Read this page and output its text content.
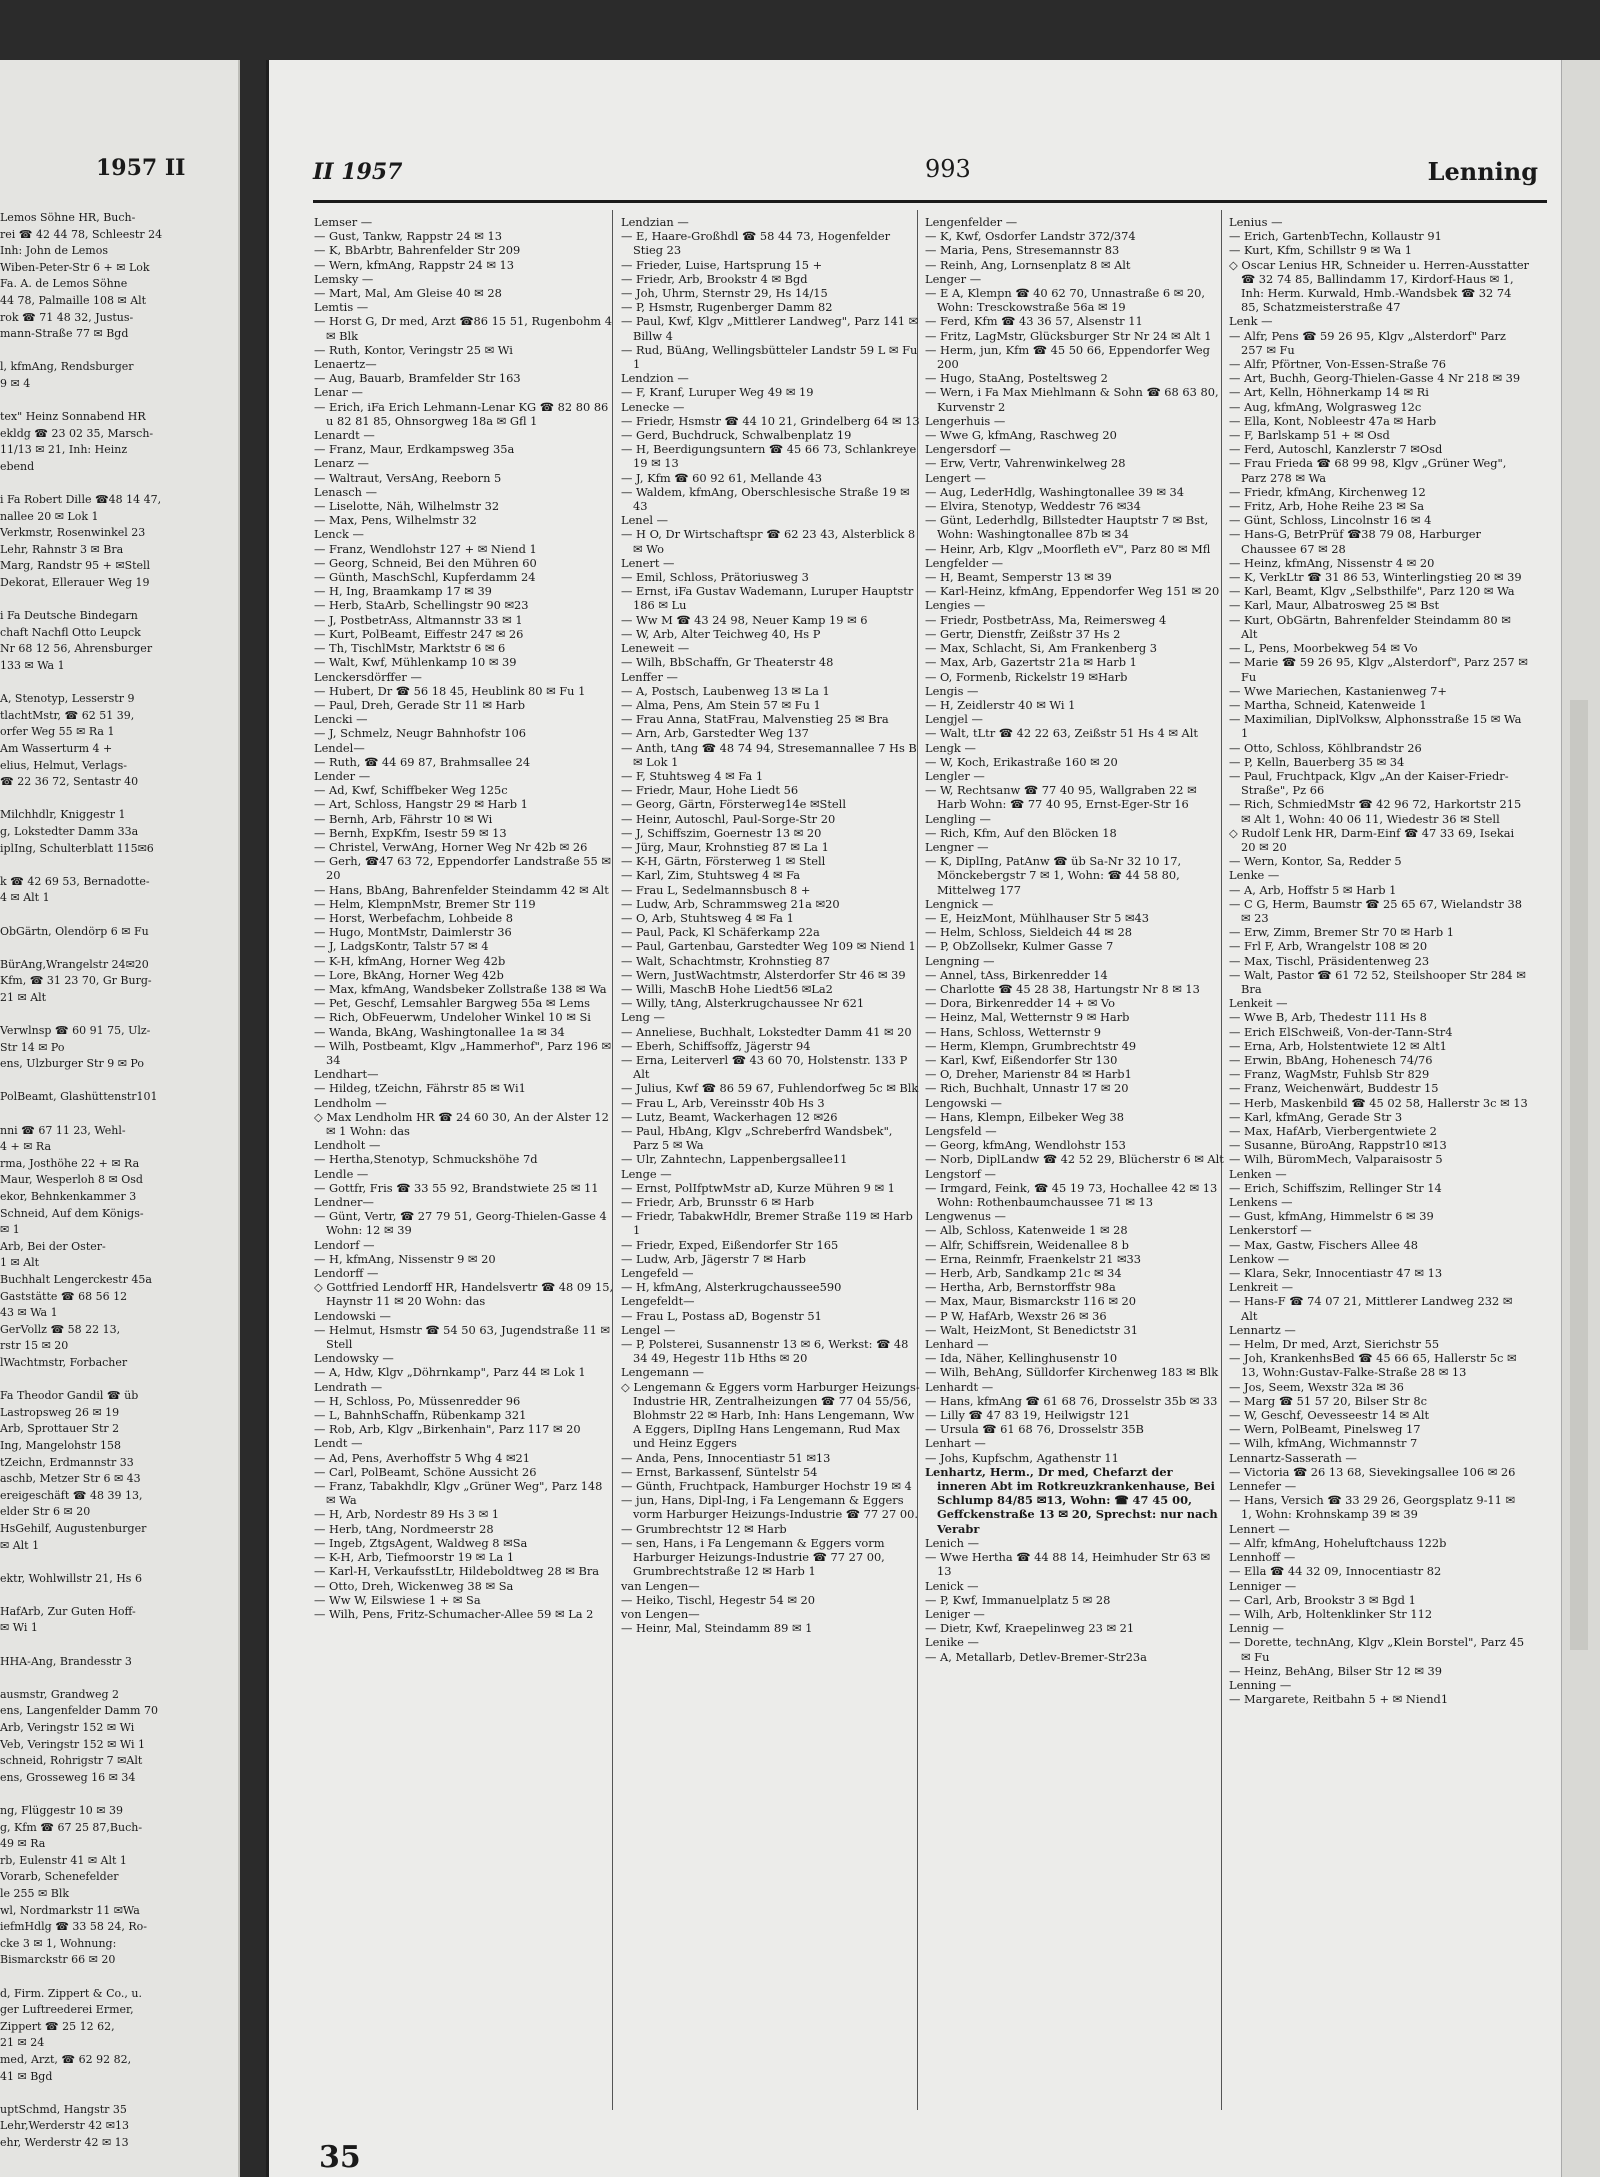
1957 II
Lemos Söhne HR, Buch-
rei ☎ 42 44 78, Schleestr 24
Inh: John de Lemos
Wiben-Peter-Str 6 + ✉ Lok
Fa. A. de Lemos Söhne
44 78, Palmaille 108 ✉ Alt
rok ☎ 71 48 32, Justus-
mann-Straße 77 ✉ Bgd
l, kfmAng, Rendsburger
9 ✉ 4
tex" Heinz Sonnabend HR
ekldg ☎ 23 02 35, Marsch-
11/13 ✉ 21, Inh: Heinz
ebend
i Fa Robert Dille ☎48 14 47,
nallee 20 ✉ Lok 1
Verkmstr, Rosenwinkel 23
Lehr, Rahnstr 3 ✉ Bra
Marg, Randstr 95 + ✉Stell
Dekorat, Elleraueг Weg 19
i Fa Deutsche Bindegarn
chaft Nachfl Otto Leupck
Nr 68 12 56, Ahrensburger
133 ✉ Wa 1
A, Stenotyp, Lesserstr 9
tlachtMstr, ☎ 62 51 39,
orfer Weg 55 ✉ Ra 1
Am Wasserturm 4 +
elius, Helmut, Verlags-
☎ 22 36 72, Sentastr 40
Milchhdlr, Kniggestr 1
g, Lokstedter Damm 33a
iplIng, Schulterblatt 115✉6
k ☎ 42 69 53, Bernadotte-
4 ✉ Alt 1
ObGärtn, Olendörp 6 ✉ Fu
BürAng,Wrangelstr 24✉20
Kfm, ☎ 31 23 70, Gr Burg-
21 ✉ Alt
Verwlnsp ☎ 60 91 75, Ulz-
Str 14 ✉ Po
ens, Ulzburger Str 9 ✉ Po
PolBeamt, Glashüttenstr101
nni ☎ 67 11 23, Wehl-
4 + ✉ Ra
rma, Josthöhe 22 + ✉ Ra
Maur, Wesperloh 8 ✉ Osd
ekor, Behnkenkammer 3
Schneid, Auf dem Königs-
✉ 1
Arb, Bei der Oster-
1 ✉ Alt
Buchhalt Lengerckestr 45a
Gaststätte ☎ 68 56 12
43 ✉ Wa 1
GerVollz ☎ 58 22 13,
rstr 15 ✉ 20
lWachtmstr, Forbacher
Fa Theodor Gandil ☎ üb
Lastropsweg 26 ✉ 19
Arb, Sprottauer Str 2
Ing, Mangelohstr 158
tZeichn, Erdmannstr 33
aschb, Metzer Str 6 ✉ 43
ereigeschäft ☎ 48 39 13,
elder Str 6 ✉ 20
HsGehilf, Augustenburger
✉ Alt 1
ektr, Wohlwillstr 21, Hs 6
HafArb, Zur Guten Hoff-
✉ Wi 1
HHA-Ang, Brandesstr 3
ausmstr, Grandweg 2
ens, Langenfelder Damm 70
Arb, Veringstr 152 ✉ Wi
Veb, Veringstr 152 ✉ Wi 1
schneid, Rohrigstr 7 ✉Alt
ens, Grosseweg 16 ✉ 34
ng, Flüggestr 10 ✉ 39
g, Kfm ☎ 67 25 87,Buch-
49 ✉ Ra
rb, Eulenstr 41 ✉ Alt 1
Vorarb, Schenefelder
le 255 ✉ Blk
wl, Nordmarkstr 11 ✉Wa
iefmHdlg ☎ 33 58 24, Ro-
cke 3 ✉ 1, Wohnung:
Bismarckstr 66 ✉ 20
d, Firm. Zippert & Co., u.
ger Luftreederei Ermer,
Zippert ☎ 25 12 62,
21 ✉ 24
med, Arzt, ☎ 62 92 82,
41 ✉ Bgd
uptSchmd, Hangstr 35
Lehr,Werderstr 42 ✉13
ehr, Werderstr 42 ✉ 13
II 1957	993	Lenning
Lemser —
— Gust, Tankw, Rappstr 24 ✉ 13
— K, BbArbtr, Bahrenfelder Str 209
— Wern, kfmAng, Rappstr 24 ✉ 13
Lemsky —
— Mart, Mal, Am Gleise 40 ✉ 28
Lemtis —
— Horst G, Dr med, Arzt ☎86 15 51, Rugenbohm 4 ✉ Blk
— Ruth, Kontor, Veringstr 25 ✉ Wi
Lenaertz—
— Aug, Bauarb, Bramfelder Str 163
Lenar —
— Erich, iFa Erich Lehmann-Lenar KG ☎ 82 80 86 u 82 81 85, Ohnsorgweg 18a ✉ Gfl 1
Lenardt —
— Franz, Maur, Erdkampsweg 35a
Lenarz —
— Waltraut, VersAng, Reeborn 5
Lenasch —
— Liselotte, Näh, Wilhelmstr 32
— Max, Pens, Wilhelmstr 32
Lenck —
— Franz, Wendlohstr 127 + ✉ Niend 1
— Georg, Schneid, Bei den Mühren 60
— Günth, MaschSchl, Kupferdamm 24
— H, Ing, Braamkamp 17 ✉ 39
— Herb, StaArb, Schellingstr 90 ✉23
— J, PostbetrAss, Altmannstr 33 ✉ 1
— Kurt, PolBeamt, Eiffestr 247 ✉ 26
— Th, TischlMstr, Marktstr 6 ✉ 6
— Walt, Kwf, Mühlenkamp 10 ✉ 39
Lenckersdörffer —
— Hubert, Dr ☎ 56 18 45, Heublink 80 ✉ Fu 1
— Paul, Dreh, Gerade Str 11 ✉ Harb
Lencki —
— J, Schmelz, Neugr Bahnhofstr 106
Lendel—
— Ruth, ☎ 44 69 87, Brahmsallee 24
Lender —
— Ad, Kwf, Schiffbeker Weg 125c
— Art, Schloss, Hangstr 29 ✉ Harb 1
— Bernh, Arb, Fährstr 10 ✉ Wi
— Bernh, ExpKfm, Isestr 59 ✉ 13
— Christel, VerwAng, Horner Weg Nr 42b ✉ 26
— Gerh, ☎47 63 72, Eppendorfer Landstraße 55 ✉ 20
— Hans, BbAng, Bahrenfelder Steindamm 42 ✉ Alt
— Helm, KlempnMstr, Bremer Str 119
— Horst, Werbefachm, Lohbeide 8
— Hugo, MontMstr, Daimlerstr 36
— J, LadgsKontr, Talstr 57 ✉ 4
— K-H, kfmAng, Horner Weg 42b
— Lore, BkAng, Horner Weg 42b
— Max, kfmAng, Wandsbeker Zollstraße 138 ✉ Wa
— Pet, Geschf, Lemsahler Bargweg 55a ✉ Lems
— Rich, ObFeuerwm, Undeloher Winkel 10 ✉ Si
— Wanda, BkAng, Washingtonallee 1a ✉ 34
— Wilh, Postbeamt, Klgv „Hammerhof", Parz 196 ✉ 34
Lendhart—
— Hildeg, tZeichn, Fährstr 85 ✉ Wi1
Lendholm —
◇ Max Lendholm HR ☎ 24 60 30, An der Alster 12 ✉ 1 Wohn: das
Lendholt —
— Hertha,Stenotyp, Schmuckshöhe 7d
Lendle —
— Gottfr, Fris ☎ 33 55 92, Brandstwiete 25 ✉ 11
Lendner—
— Günt, Vertr, ☎ 27 79 51, Georg-Thielen-Gasse 4 Wohn: 12 ✉ 39
Lendorf —
— H, kfmAng, Nissenstr 9 ✉ 20
Lendorff —
◇ Gottfried Lendorff HR, Handelsvertr ☎ 48 09 15, Haynstr 11 ✉ 20 Wohn: das
Lendowski —
— Helmut, Hsmstr ☎ 54 50 63, Jugendstraße 11 ✉ Stell
Lendowsky —
— A, Hdw, Klgv „Döhrnkamp", Parz 44 ✉ Lok 1
Lendrath —
— H, Schloss, Po, Müssenredder 96
— L, BahnhSchaffn, Rübenkamp 321
— Rob, Arb, Klgv „Birkenhain", Parz 117 ✉ 20
Lendt —
— Ad, Pens, Averhoffstr 5 Whg 4 ✉21
— Carl, PolBeamt, Schöne Aussicht 26
— Franz, Tabakhdlr, Klgv „Grüner Weg", Parz 148 ✉ Wa
— H, Arb, Nordestr 89 Hs 3 ✉ 1
— Herb, tAng, Nordmeerstr 28
— Ingeb, ZtgsAgent, Waldweg 8 ✉Sa
— K-H, Arb, Tiefmoorstr 19 ✉ La 1
— Karl-H, VerkaufsstLtr, Hildeboldtweg 28 ✉ Bra
— Otto, Dreh, Wickenweg 38 ✉ Sa
— Ww W, Eilswiese 1 + ✉ Sa
— Wilh, Pens, Fritz-Schumacher-Allee 59 ✉ La 2
Lendzian —
— E, Haare-Großhdl ☎ 58 44 73, Hogenfelder Stieg 23
— Frieder, Luise, Hartsprung 15 +
— Friedr, Arb, Brookstr 4 ✉ Bgd
— Joh, Uhrm, Sternstr 29, Hs 14/15
— P, Hsmstr, Rugenberger Damm 82
— Paul, Kwf, Klgv „Mittlerer Landweg", Parz 141 ✉ Billw 4
— Rud, BüAng, Wellingsbütteler Landstr 59 L ✉ Fu 1
Lendzion —
— F, Kranf, Luruper Weg 49 ✉ 19
Lenecke —
— Friedr, Hsmstr ☎ 44 10 21, Grindelberg 64 ✉ 13
— Gerd, Buchdruck, Schwalbenplatz 19
— H, Beerdigungsuntern ☎ 45 66 73, Schlankreye 19 ✉ 13
— J, Kfm ☎ 60 92 61, Mellande 43
— Waldem, kfmAng, Oberschlesische Straße 19 ✉ 43
Lenel —
— H O, Dr Wirtschaftspr ☎ 62 23 43, Alsterblick 8 ✉ Wo
Lenert —
— Emil, Schloss, Prätoriusweg 3
— Ernst, iFa Gustav Wademann, Luruper Hauptstr 186 ✉ Lu
— Ww M ☎ 43 24 98, Neuer Kamp 19 ✉ 6
— W, Arb, Alter Teichweg 40, Hs P
Leneweit —
— Wilh, BbSchaffn, Gr Theaterstr 48
Lenffer —
— A, Postsch, Laubenweg 13 ✉ La 1
— Alma, Pens, Am Stein 57 ✉ Fu 1
— Frau Anna, StatFrau, Malvenstieg 25 ✉ Bra
— Arn, Arb, Garstedter Weg 137
— Anth, tAng ☎ 48 74 94, Stresemannallee 7 Hs B ✉ Lok 1
— F, Stuhtsweg 4 ✉ Fa 1
— Friedr, Maur, Hohe Liedt 56
— Georg, Gärtn, Försterweg14e ✉Stell
— Heinr, Autoschl, Paul-Sorge-Str 20
— J, Schiffszim, Goernestr 13 ✉ 20
— Jürg, Maur, Krohnstieg 87 ✉ La 1
— K-H, Gärtn, Försterweg 1 ✉ Stell
— Karl, Zim, Stuhtsweg 4 ✉ Fa
— Frau L, Sedelmannsbusch 8 +
— Ludw, Arb, Schrammsweg 21a ✉20
— O, Arb, Stuhtsweg 4 ✉ Fa 1
— Paul, Pack, Kl Schäferkamp 22a
— Paul, Gartenbau, Garstedter Weg 109 ✉ Niend 1
— Walt, Schachtmstr, Krohnstieg 87
— Wern, JustWachtmstr, Alsterdorfer Str 46 ✉ 39
— Willi, MaschB Hohe Liedt56 ✉La2
— Willy, tAng, Alsterkrugchaussee Nr 621
Leng —
— Anneliese, Buchhalt, Lokstedter Damm 41 ✉ 20
— Eberh, Schiffsoffz, Jägerstr 94
— Erna, Leiterverl ☎ 43 60 70, Holstenstr. 133 P Alt
— Julius, Kwf ☎ 86 59 67, Fuhlendorfweg 5c ✉ Blk
— Frau L, Arb, Vereinsstr 40b Hs 3
— Lutz, Beamt, Wackerhagen 12 ✉26
— Paul, HbAng, Klgv „Schreberfrd Wandsbek", Parz 5 ✉ Wa
— Ulr, Zahntechn, Lappenbergsallee11
Lenge —
— Ernst, PolIfptwMstr aD, Kurze Mühren 9 ✉ 1
— Friedr, Arb, Brunsstr 6 ✉ Harb
— Friedr, TabakwHdlr, Bremer Straße 119 ✉ Harb 1
— Friedr, Exped, Eißendorfer Str 165
— Ludw, Arb, Jägerstr 7 ✉ Harb
Lengefeld —
— H, kfmAng, Alsterkrugchaussee590
Lengefeldt—
— Frau L, Postass aD, Bogenstr 51
Lengel —
— P, Polsterei, Susannenstr 13 ✉ 6, Werkst: ☎ 48 34 49, Hegestr 11b Hths ✉ 20
Lengemann —
◇ Lengemann & Eggers vorm Harburger Heizungs-Industrie HR, Zentralheizungen ☎ 77 04 55/56, Blohmstr 22 ✉ Harb, Inh: Hans Lengemann, Ww A Eggers, DiplIng Hans Lengemann, Rud Max und Heinz Eggers
— Anda, Pens, Innocentiastr 51 ✉13
— Ernst, Barkassenf, Süntelstr 54
— Günth, Fruchtpack, Hamburger Hochstr 19 ✉ 4
— jun, Hans, Dipl-Ing, i Fa Lengemann & Eggers vorm Harburger Heizungs-Industrie ☎ 77 27 00.
— Grumbrechtstr 12 ✉ Harb
— sen, Hans, i Fa Lengemann & Eggers vorm Harburger Heizungs-Industrie ☎ 77 27 00, Grumbrechtstraße 12 ✉ Harb 1
van Lengen—
— Heiko, Tischl, Hegestr 54 ✉ 20
von Lengen—
— Heinr, Mal, Steindamm 89 ✉ 1
Lengenfelder —
— K, Kwf, Osdorfer Landstr 372/374
— Maria, Pens, Stresemannstr 83
— Reinh, Ang, Lornsenplatz 8 ✉ Alt
Lenger —
— E A, Klempn ☎ 40 62 70, Unnastraße 6 ✉ 20, Wohn: Tresckowstraße 56a ✉ 19
— Ferd, Kfm ☎ 43 36 57, Alsenstr 11
— Fritz, LagMstr, Glücksburger Str Nr 24 ✉ Alt 1
— Herm, jun, Kfm ☎ 45 50 66, Eppendorfer Weg 200
— Hugo, StaAng, Posteltsweg 2
— Wern, i Fa Max Miehlmann & Sohn ☎ 68 63 80, Kurvenstr 2
Lengerhuis —
— Wwe G, kfmAng, Raschweg 20
Lengersdorf —
— Erw, Vertr, Vahrenwinkelweg 28
Lengert —
— Aug, LederHdlg, Washingtonallee 39 ✉ 34
— Elvira, Stenotyp, Weddestr 76 ✉34
— Günt, Lederhdlg, Billstedter Hauptstr 7 ✉ Bst, Wohn: Washingtonallee 87b ✉ 34
— Heinr, Arb, Klgv „Moorfleth eV", Parz 80 ✉ Mfl
Lengfelder —
— H, Beamt, Semperstr 13 ✉ 39
— Karl-Heinz, kfmAng, Eppendorfer Weg 151 ✉ 20
Lengies —
— Friedr, PostbetrAss, Ma, Reimersweg 4
— Gertr, Dienstfr, Zeißstr 37 Hs 2
— Max, Schlacht, Si, Am Frankenberg 3
— Max, Arb, Gazertstr 21a ✉ Harb 1
— O, Formenb, Rickelstr 19 ✉Harb
Lengis —
— H, Zeidlerstr 40 ✉ Wi 1
Lengjel —
— Walt, tLtr ☎ 42 22 63, Zeißstr 51 Hs 4 ✉ Alt
Lengk —
— W, Koch, Erikastraße 160 ✉ 20
Lengler —
— W, Rechtsanw ☎ 77 40 95, Wallgraben 22 ✉ Harb Wohn: ☎ 77 40 95, Ernst-Eger-Str 16
Lengling —
— Rich, Kfm, Auf den Blöcken 18
Lengner —
— K, DiplIng, PatAnw ☎ üb Sa-Nr 32 10 17, Mönckebergstr 7 ✉ 1, Wohn: ☎ 44 58 80, Mittelweg 177
Lengnick —
— E, HeizMont, Mühlhauser Str 5 ✉43
— Helm, Schloss, Sieldeich 44 ✉ 28
— P, ObZollsekr, Kulmer Gasse 7
Lengning —
— Annel, tAss, Birkenredder 14
— Charlotte ☎ 45 28 38, Hartungstr Nr 8 ✉ 13
— Dora, Birkenredder 14 + ✉ Vo
— Heinz, Mal, Wetternstr 9 ✉ Harb
— Hans, Schloss, Wetternstr 9
— Herm, Klempn, Grumbrechtstr 49
— Karl, Kwf, Eißendorfer Str 130
— O, Dreher, Marienstr 84 ✉ Harb1
— Rich, Buchhalt, Unnastr 17 ✉ 20
Lengowski —
— Hans, Klempn, Eilbeker Weg 38
Lengsfeld —
— Georg, kfmAng, Wendlohstr 153
— Norb, DiplLandw ☎ 42 52 29, Blücherstr 6 ✉ Alt
Lengstorf —
— Irmgard, Feink, ☎ 45 19 73, Hochallee 42 ✉ 13 Wohn: Rothenbaumchaussee 71 ✉ 13
Lengwenus —
— Alb, Schloss, Katenweide 1 ✉ 28
— Alfr, Schiffsrein, Weidenallee 8 b
— Erna, Reinmfr, Fraenkelstr 21 ✉33
— Herb, Arb, Sandkamp 21c ✉ 34
— Hertha, Arb, Bernstorffstr 98a
— Max, Maur, Bismarckstr 116 ✉ 20
— P W, HafArb, Wexstr 26 ✉ 36
— Walt, HeizMont, St Benedictstr 31
Lenhard —
— Ida, Näher, Kellinghusenstr 10
— Wilh, BehAng, Sülldorfer Kirchenweg 183 ✉ Blk
Lenhardt —
— Hans, kfmAng ☎ 61 68 76, Drosselstr 35b ✉ 33
— Lilly ☎ 47 83 19, Heilwigstr 121
— Ursula ☎ 61 68 76, Drosselstr 35B
Lenhart —
— Johs, Kupfschm, Agathenstr 11
Lenhartz, Herm., Dr med, Chefarzt der inneren Abt im Rotkreuzkrankenhause, Bei Schlump 84/85 ✉13, Wohn: ☎ 47 45 00, Geffckenstraße 13 ✉ 20, Sprechst: nur nach Verabr
Lenich —
— Wwe Hertha ☎ 44 88 14, Heimhuder Str 63 ✉ 13
Lenick —
— P, Kwf, Immanuelplatz 5 ✉ 28
Leniger —
— Dietr, Kwf, Kraepelinweg 23 ✉ 21
Lenike —
— A, Metallarb, Detlev-Bremer-Str23a
Lenius —
— Erich, GartenbTechn, Kollaustr 91
— Kurt, Kfm, Schillstr 9 ✉ Wa 1
◇ Oscar Lenius HR, Schneider u. Herren-Ausstatter ☎ 32 74 85, Ballindamm 17, Kirdorf-Haus ✉ 1, Inh: Herm. Kurwald, Hmb.-Wandsbek ☎ 32 74 85, Schatzmeisterstraße 47
Lenk —
— Alfr, Pens ☎ 59 26 95, Klgv „Alsterdorf" Parz 257 ✉ Fu
— Alfr, Pförtner, Von-Essen-Straße 76
— Art, Buchh, Georg-Thielen-Gasse 4 Nr 218 ✉ 39
— Art, Kelln, Höhnerkamp 14 ✉ Ri
— Aug, kfmAng, Wolgrasweg 12c
— Ella, Kont, Nobleestr 47a ✉ Harb
— F, Barlskamp 51 + ✉ Osd
— Ferd, Autoschl, Kanzlerstr 7 ✉Osd
— Frau Frieda ☎ 68 99 98, Klgv „Grüner Weg", Parz 278 ✉ Wa
— Friedr, kfmAng, Kirchenweg 12
— Fritz, Arb, Hohe Reihe 23 ✉ Sa
— Günt, Schloss, Lincolnstr 16 ✉ 4
— Hans-G, BetrPrüf ☎38 79 08, Harburger Chaussee 67 ✉ 28
— Heinz, kfmAng, Nissenstr 4 ✉ 20
— K, VerkLtr ☎ 31 86 53, Winterlingstieg 20 ✉ 39
— Karl, Beamt, Klgv „Selbsthilfe", Parz 120 ✉ Wa
— Karl, Maur, Albatrosweg 25 ✉ Bst
— Kurt, ObGärtn, Bahrenfelder Steindamm 80 ✉ Alt
— L, Pens, Moorbekweg 54 ✉ Vo
— Marie ☎ 59 26 95, Klgv „Alsterdorf", Parz 257 ✉ Fu
— Wwe Mariechen, Kastanienweg 7+
— Martha, Schneid, Katenweide 1
— Maximilian, DiplVolksw, Alphonsstraße 15 ✉ Wa 1
— Otto, Schloss, Köhlbrandstr 26
— P, Kelln, Bauerberg 35 ✉ 34
— Paul, Fruchtpack, Klgv „An der Kaiser-Friedr-Straße", Pz 66
— Rich, SchmiedMstr ☎ 42 96 72, Harkortstr 215 ✉ Alt 1, Wohn: 40 06 11, Wiedestr 36 ✉ Stell
◇ Rudolf Lenk HR, Darm-Einf ☎ 47 33 69, Isekai 20 ✉ 20
— Wern, Kontor, Sa, Redder 5
Lenke —
— A, Arb, Hoffstr 5 ✉ Harb 1
— C G, Herm, Baumstr ☎ 25 65 67, Wielandstr 38 ✉ 23
— Erw, Zimm, Bremer Str 70 ✉ Harb 1
— Frl F, Arb, Wrangelstr 108 ✉ 20
— Max, Tischl, Präsidentenweg 23
— Walt, Pastor ☎ 61 72 52, Steilshooper Str 284 ✉ Bra
Lenkeit —
— Wwe B, Arb, Thedestr 111 Hs 8
— Erich ElSchweiß, Von-der-Tann-Str4
— Erna, Arb, Holstentwiete 12 ✉ Alt1
— Erwin, BbAng, Hohenesch 74/76
— Franz, WagMstr, Fuhlsb Str 829
— Franz, Weichenwärt, Buddestr 15
— Herb, Maskenbild ☎ 45 02 58, Hallerstr 3c ✉ 13
— Karl, kfmAng, Gerade Str 3
— Max, HafArb, Vierbergentwiete 2
— Susanne, BüroAng, Rappstr10 ✉13
— Wilh, BüromMech, Valparaisostr 5
Lenken —
— Erich, Schiffszim, Rellinger Str 14
Lenkens —
— Gust, kfmAng, Himmelstr 6 ✉ 39
Lenkerstorf —
— Max, Gastw, Fischers Allee 48
Lenkow —
— Klara, Sekr, Innocentiastr 47 ✉ 13
Lenkreit —
— Hans-F ☎ 74 07 21, Mittlerer Landweg 232 ✉ Alt
Lennartz —
— Helm, Dr med, Arzt, Sierichstr 55
— Joh, KrankenhsBed ☎ 45 66 65, Hallerstr 5c ✉ 13, Wohn:Gustav-Falke-Straße 28 ✉ 13
— Jos, Seem, Wexstr 32a ✉ 36
— Marg ☎ 51 57 20, Bilser Str 8c
— W, Geschf, Oevesseestr 14 ✉ Alt
— Wern, PolBeamt, Pinelsweg 17
— Wilh, kfmAng, Wichmannstr 7
Lennartz-Sasserath —
— Victoria ☎ 26 13 68, Sievekingsallee 106 ✉ 26
Lennefer —
— Hans, Versich ☎ 33 29 26, Georgsplatz 9-11 ✉ 1, Wohn: Krohnskamp 39 ✉ 39
Lennert —
— Alfr, kfmAng, Hoheluftchauss 122b
Lennhoff —
— Ella ☎ 44 32 09, Innocentiastr 82
Lenniger —
— Carl, Arb, Brookstr 3 ✉ Bgd 1
— Wilh, Arb, Holtenklinker Str 112
Lennig —
— Dorette, technAng, Klgv „Klein Borstel", Parz 45 ✉ Fu
— Heinz, BehAng, Bilser Str 12 ✉ 39
Lenning —
— Margarete, Reitbahn 5 + ✉ Niend1
35
